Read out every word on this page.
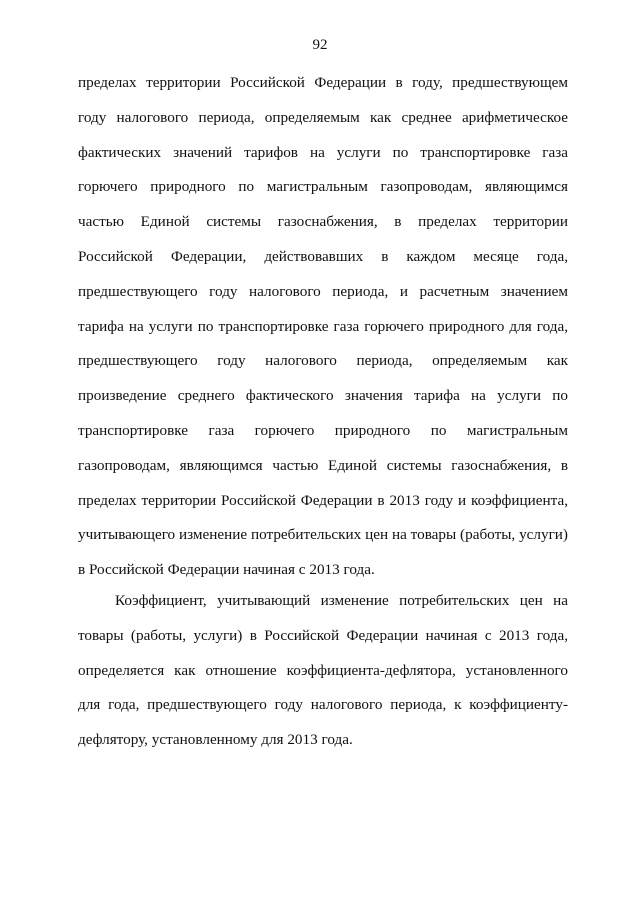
92
пределах территории Российской Федерации в году, предшествующем
году налогового периода, определяемым как среднее арифметическое
фактических значений тарифов на услуги по транспортировке газа
горючего природного по магистральным газопроводам, являющимся
частью Единой системы газоснабжения, в пределах территории
Российской Федерации, действовавших в каждом месяце года,
предшествующего году налогового периода, и расчетным значением
тарифа на услуги по транспортировке газа горючего природного для года,
предшествующего году налогового периода, определяемым как
произведение среднего фактического значения тарифа на услуги по
транспортировке газа горючего природного по магистральным
газопроводам, являющимся частью Единой системы газоснабжения, в
пределах территории Российской Федерации в 2013 году и коэффициента,
учитывающего изменение потребительских цен на товары (работы, услуги)
в Российской Федерации начиная с 2013 года.
Коэффициент, учитывающий изменение потребительских цен на
товары (работы, услуги) в Российской Федерации начиная с 2013 года,
определяется как отношение коэффициента-дефлятора, установленного
для года, предшествующего году налогового периода, к коэффициенту-
дефлятору, установленному для 2013 года.
